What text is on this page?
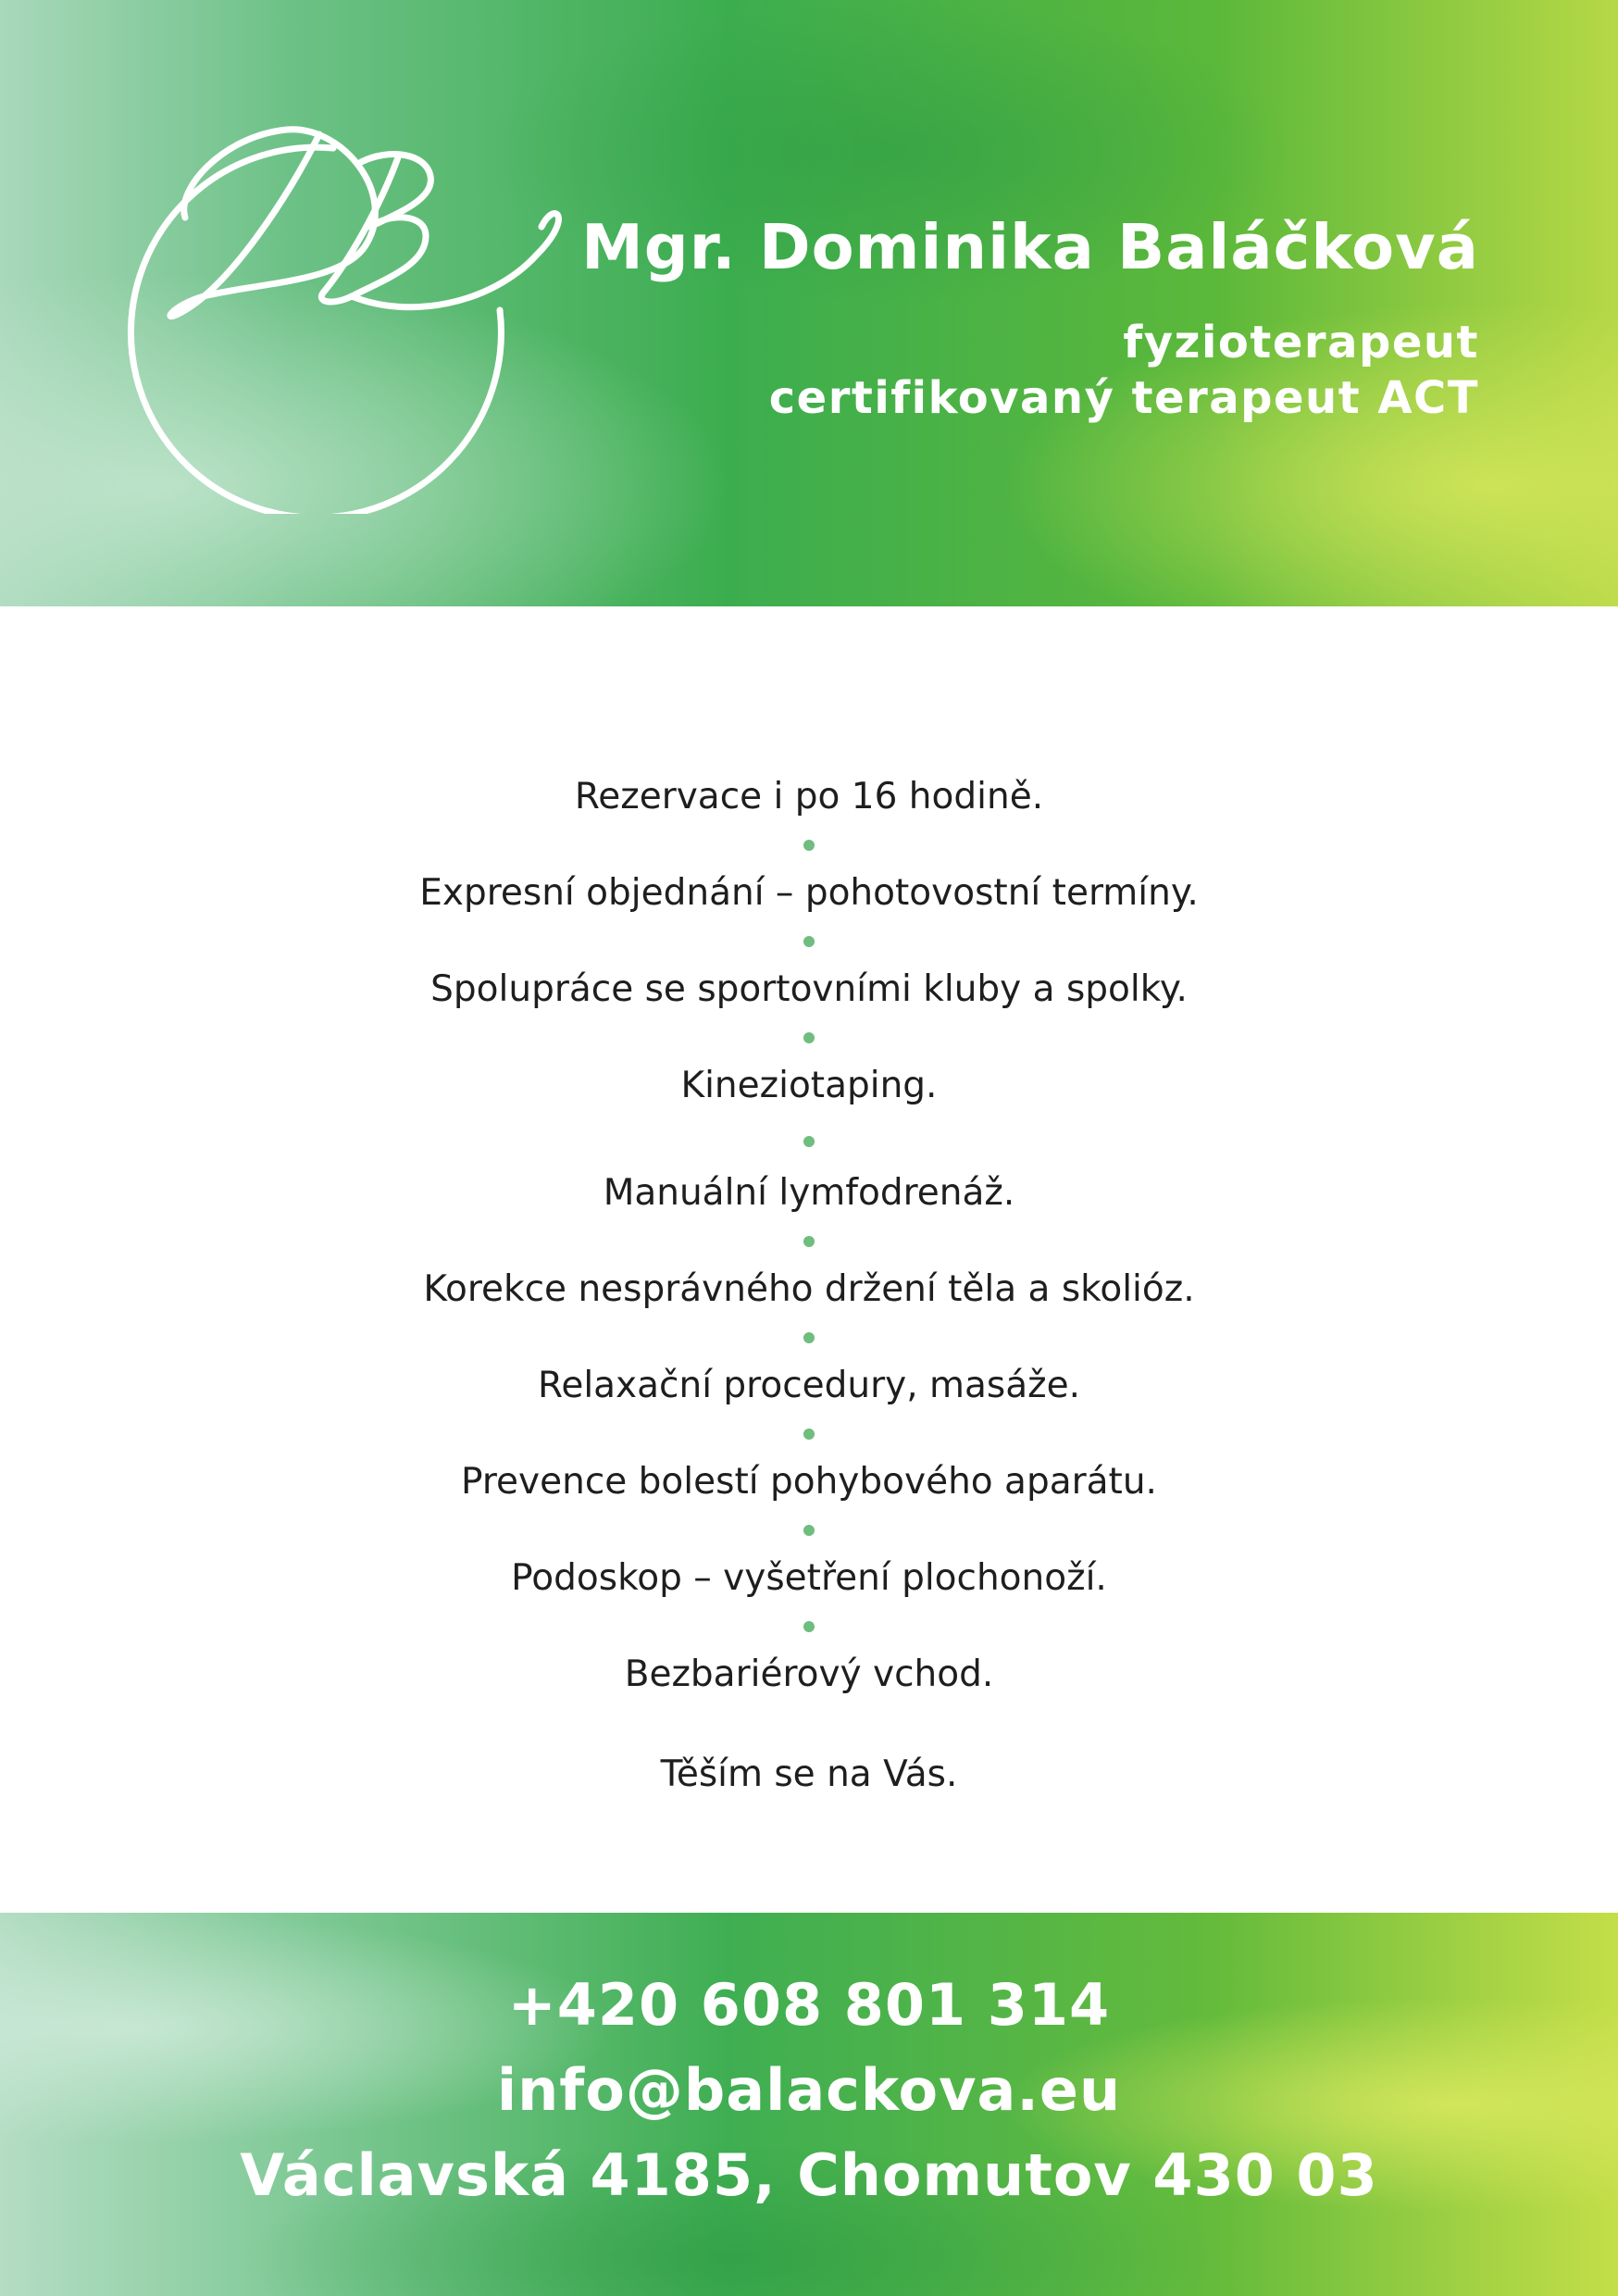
Mgr. Dominika Baláčková
fyzioterapeut
certifikovaný terapeut ACT
Rezervace i po 16 hodině.
Expresní objednání – pohotovostní termíny.
Spolupráce se sportovními kluby a spolky.
Kineziotaping.
Manuální lymfodrenáž.
Korekce nesprávného držení těla a skolióz.
Relaxační procedury, masáže.
Prevence bolestí pohybového aparátu.
Podoskop – vyšetření plochonoží.
Bezbariérový vchod.
Těším se na Vás.
+420 608 801 314
info@balackova.eu
Václavská 4185, Chomutov 430 03
